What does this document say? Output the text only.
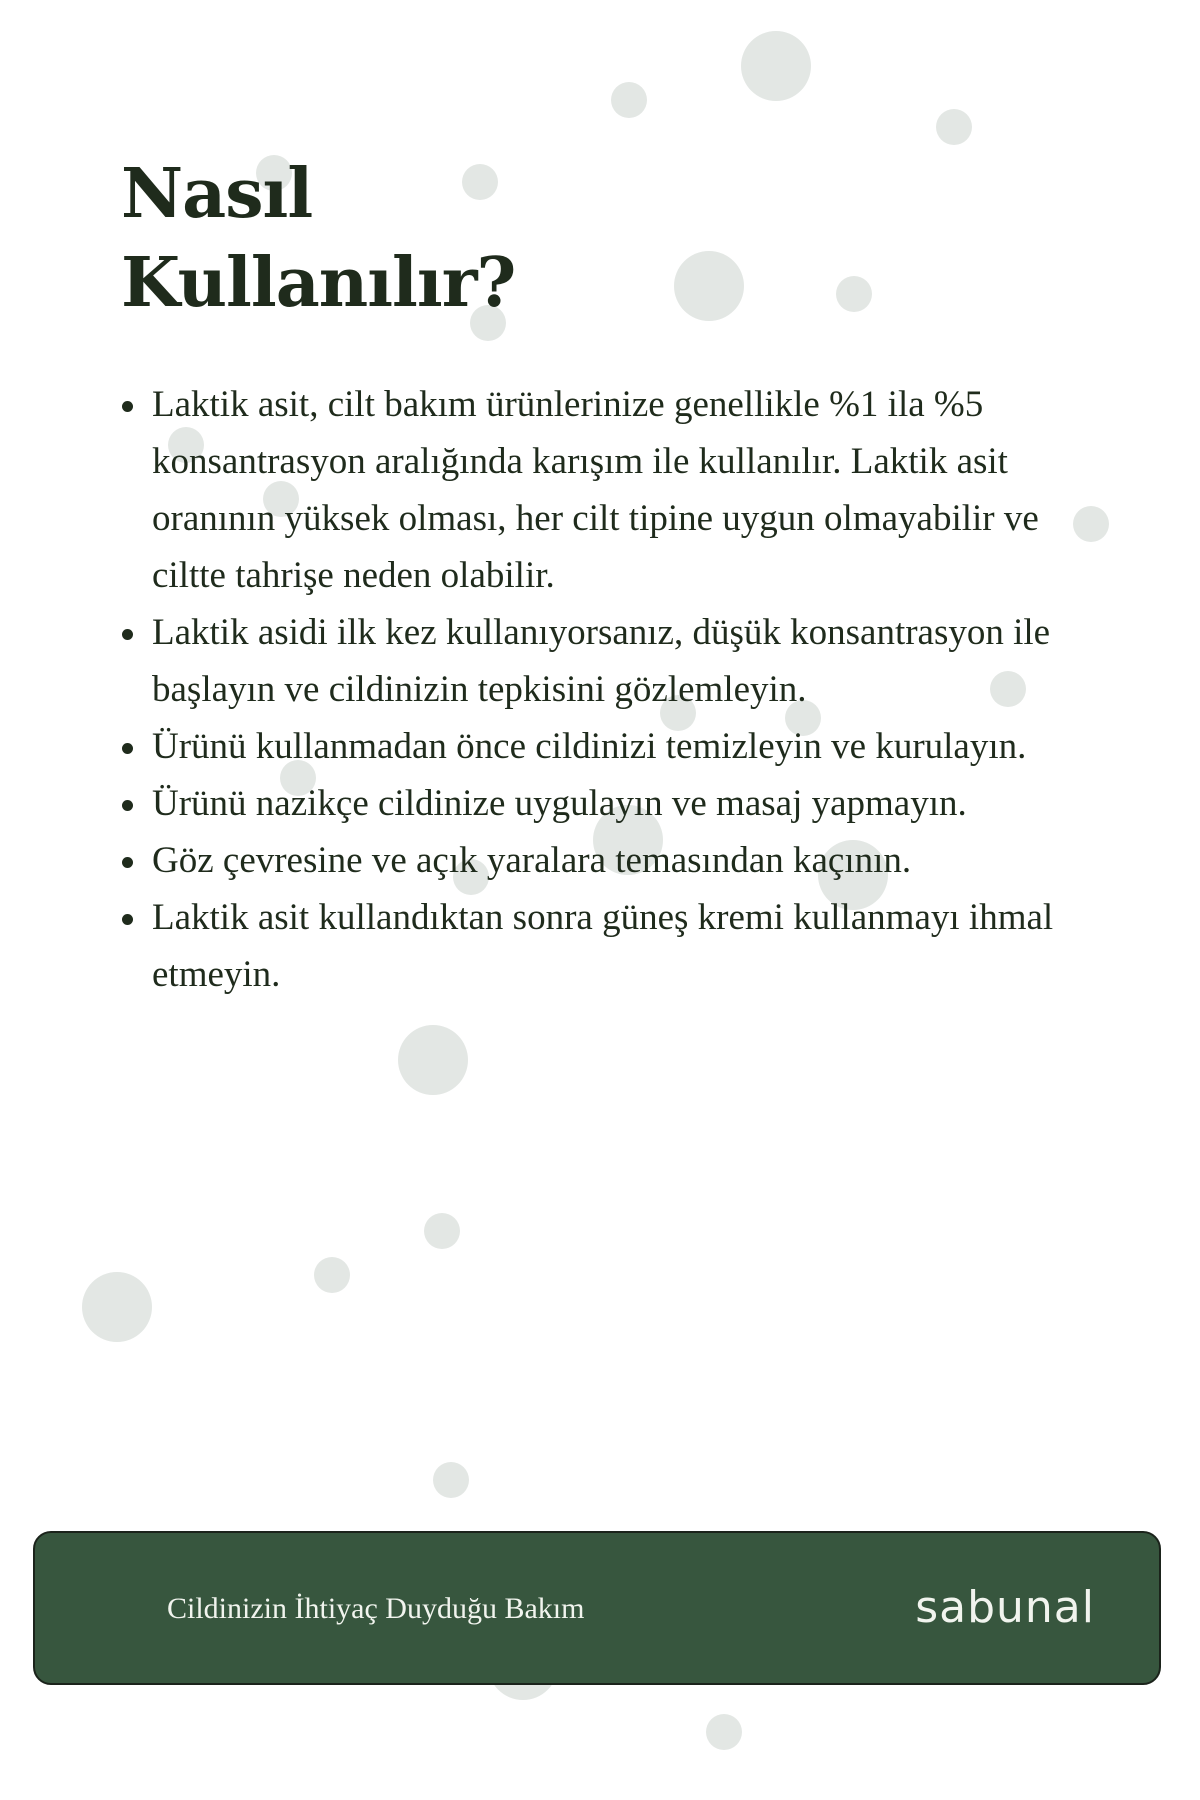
Nasıl
Kullanılır?
Laktik asit, cilt bakım ürünlerinize genellikle %1 ila %5 konsantrasyon aralığında karışım ile kullanılır. Laktik asit oranının yüksek olması, her cilt tipine uygun olmayabilir ve ciltte tahrişe neden olabilir.
Laktik asidi ilk kez kullanıyorsanız, düşük konsantrasyon ile başlayın ve cildinizin tepkisini gözlemleyin.
Ürünü kullanmadan önce cildinizi temizleyin ve kurulayın.
Ürünü nazikçe cildinize uygulayın ve masaj yapmayın.
Göz çevresine ve açık yaralara temasından kaçının.
Laktik asit kullandıktan sonra güneş kremi kullanmayı ihmal etmeyin.
Cildinizin İhtiyaç Duyduğu Bakım	sabunal
